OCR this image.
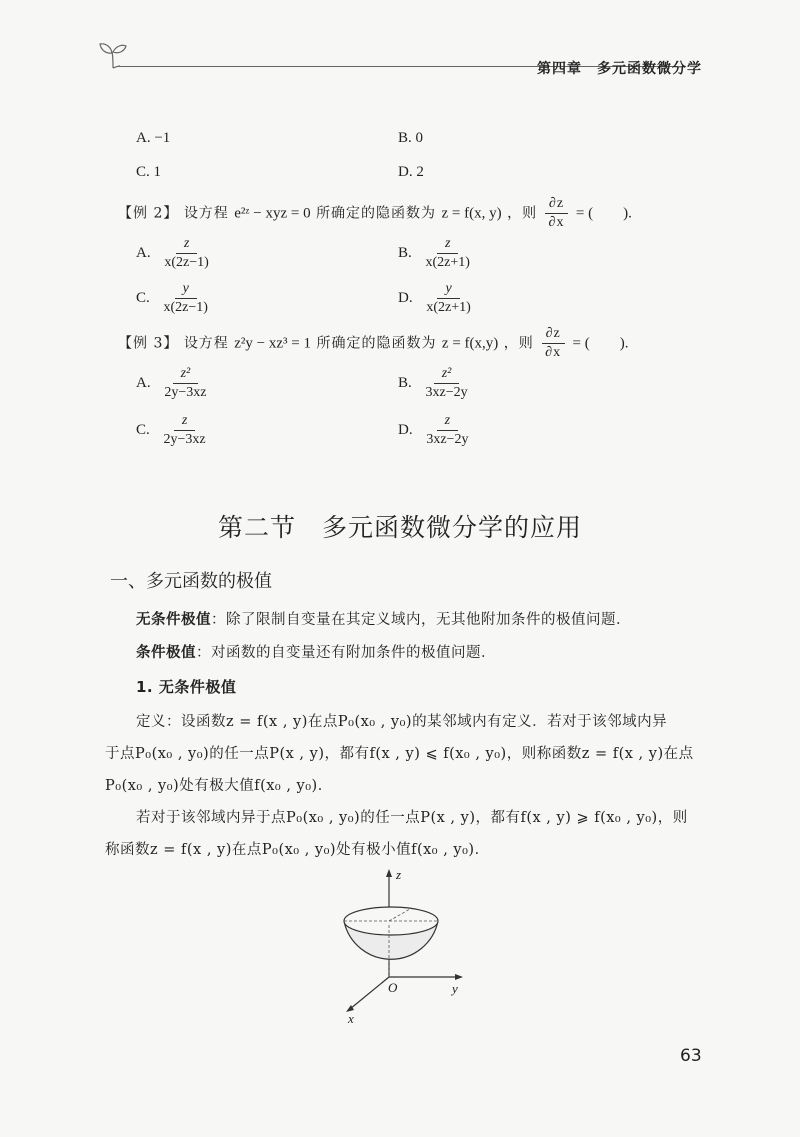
第四章　多元函数微分学
A. −1	B. 0
C. 1	D. 2
【例 2】 设方程 e²ᶻ − xyz = 0 所确定的隐函数为 z = f(x, y) ，则 $\frac{\partial z}{\partial x}$ = (　　).
A. $\frac{z}{x(2z-1)}$	B. $\frac{z}{x(2z+1)}$
C. $\frac{y}{x(2z-1)}$	D. $\frac{y}{x(2z+1)}$
【例 3】 设方程 z²y − xz³ = 1 所确定的隐函数为 z = f(x,y) ，则 $\frac{\partial z}{\partial x}$ = (　　).
A. $\frac{\text{z²}}{2y-3xz}$	B. $\frac{\text{z²}}{3xz-2y}$
C. $\frac{z}{2y-3xz}$	D. $\frac{z}{3xz-2y}$
第二节　多元函数微分学的应用
一、多元函数的极值
无条件极值：除了限制自变量在其定义域内，无其他附加条件的极值问题．
条件极值：对函数的自变量还有附加条件的极值问题．
1. 无条件极值
定义：设函数z = f(x , y)在点P₀(x₀ , y₀)的某邻域内有定义．若对于该邻域内异
于点P₀(x₀ , y₀)的任一点P(x , y)，都有f(x , y) ⩽ f(x₀ , y₀)，则称函数z = f(x , y)在点
P₀(x₀ , y₀)处有极大值f(x₀ , y₀)．
若对于该邻域内异于点P₀(x₀ , y₀)的任一点P(x , y)，都有f(x , y) ⩾ f(x₀ , y₀)，则
称函数z = f(x , y)在点P₀(x₀ , y₀)处有极小值f(x₀ , y₀)．
z
y
x
O
63
